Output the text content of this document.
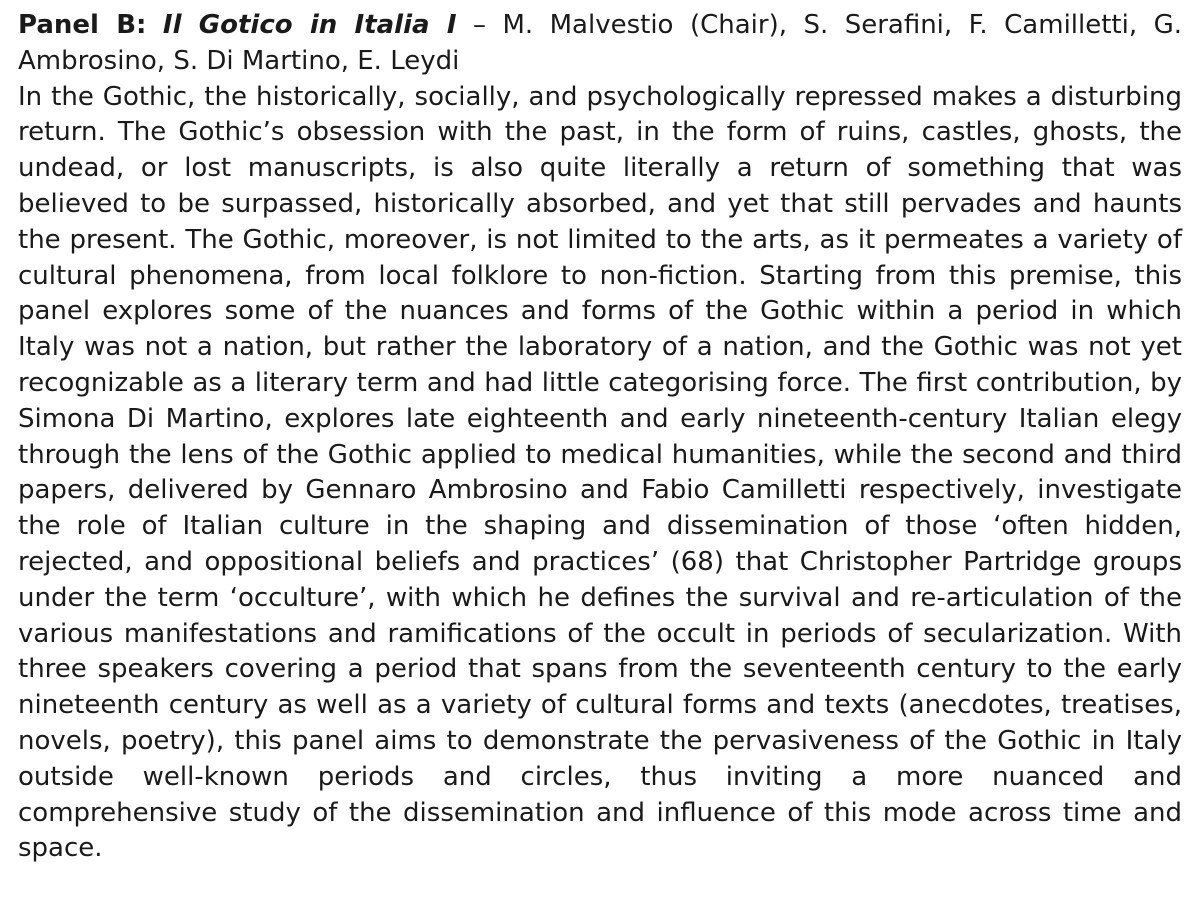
Panel B: Il Gotico in Italia I – M. Malvestio (Chair), S. Serafini, F. Camilletti, G. Ambrosino, S. Di Martino, E. Leydi

In the Gothic, the historically, socially, and psychologically repressed makes a disturbing return. The Gothic’s obsession with the past, in the form of ruins, castles, ghosts, the undead, or lost manuscripts, is also quite literally a return of something that was believed to be surpassed, historically absorbed, and yet that still pervades and haunts the present. The Gothic, moreover, is not limited to the arts, as it permeates a variety of cultural phenomena, from local folklore to non-fiction. Starting from this premise, this panel explores some of the nuances and forms of the Gothic within a period in which Italy was not a nation, but rather the laboratory of a nation, and the Gothic was not yet recognizable as a literary term and had little categorising force. The first contribution, by Simona Di Martino, explores late eighteenth and early nineteenth-century Italian elegy through the lens of the Gothic applied to medical humanities, while the second and third papers, delivered by Gennaro Ambrosino and Fabio Camilletti respectively, investigate the role of Italian culture in the shaping and dissemination of those ‘often hidden, rejected, and oppositional beliefs and practices’ (68) that Christopher Partridge groups under the term ‘occulture’, with which he defines the survival and re-articulation of the various manifestations and ramifications of the occult in periods of secularization. With three speakers covering a period that spans from the seventeenth century to the early nineteenth century as well as a variety of cultural forms and texts (anecdotes, treatises, novels, poetry), this panel aims to demonstrate the pervasiveness of the Gothic in Italy outside well-known periods and circles, thus inviting a more nuanced and comprehensive study of the dissemination and influence of this mode across time and space.
